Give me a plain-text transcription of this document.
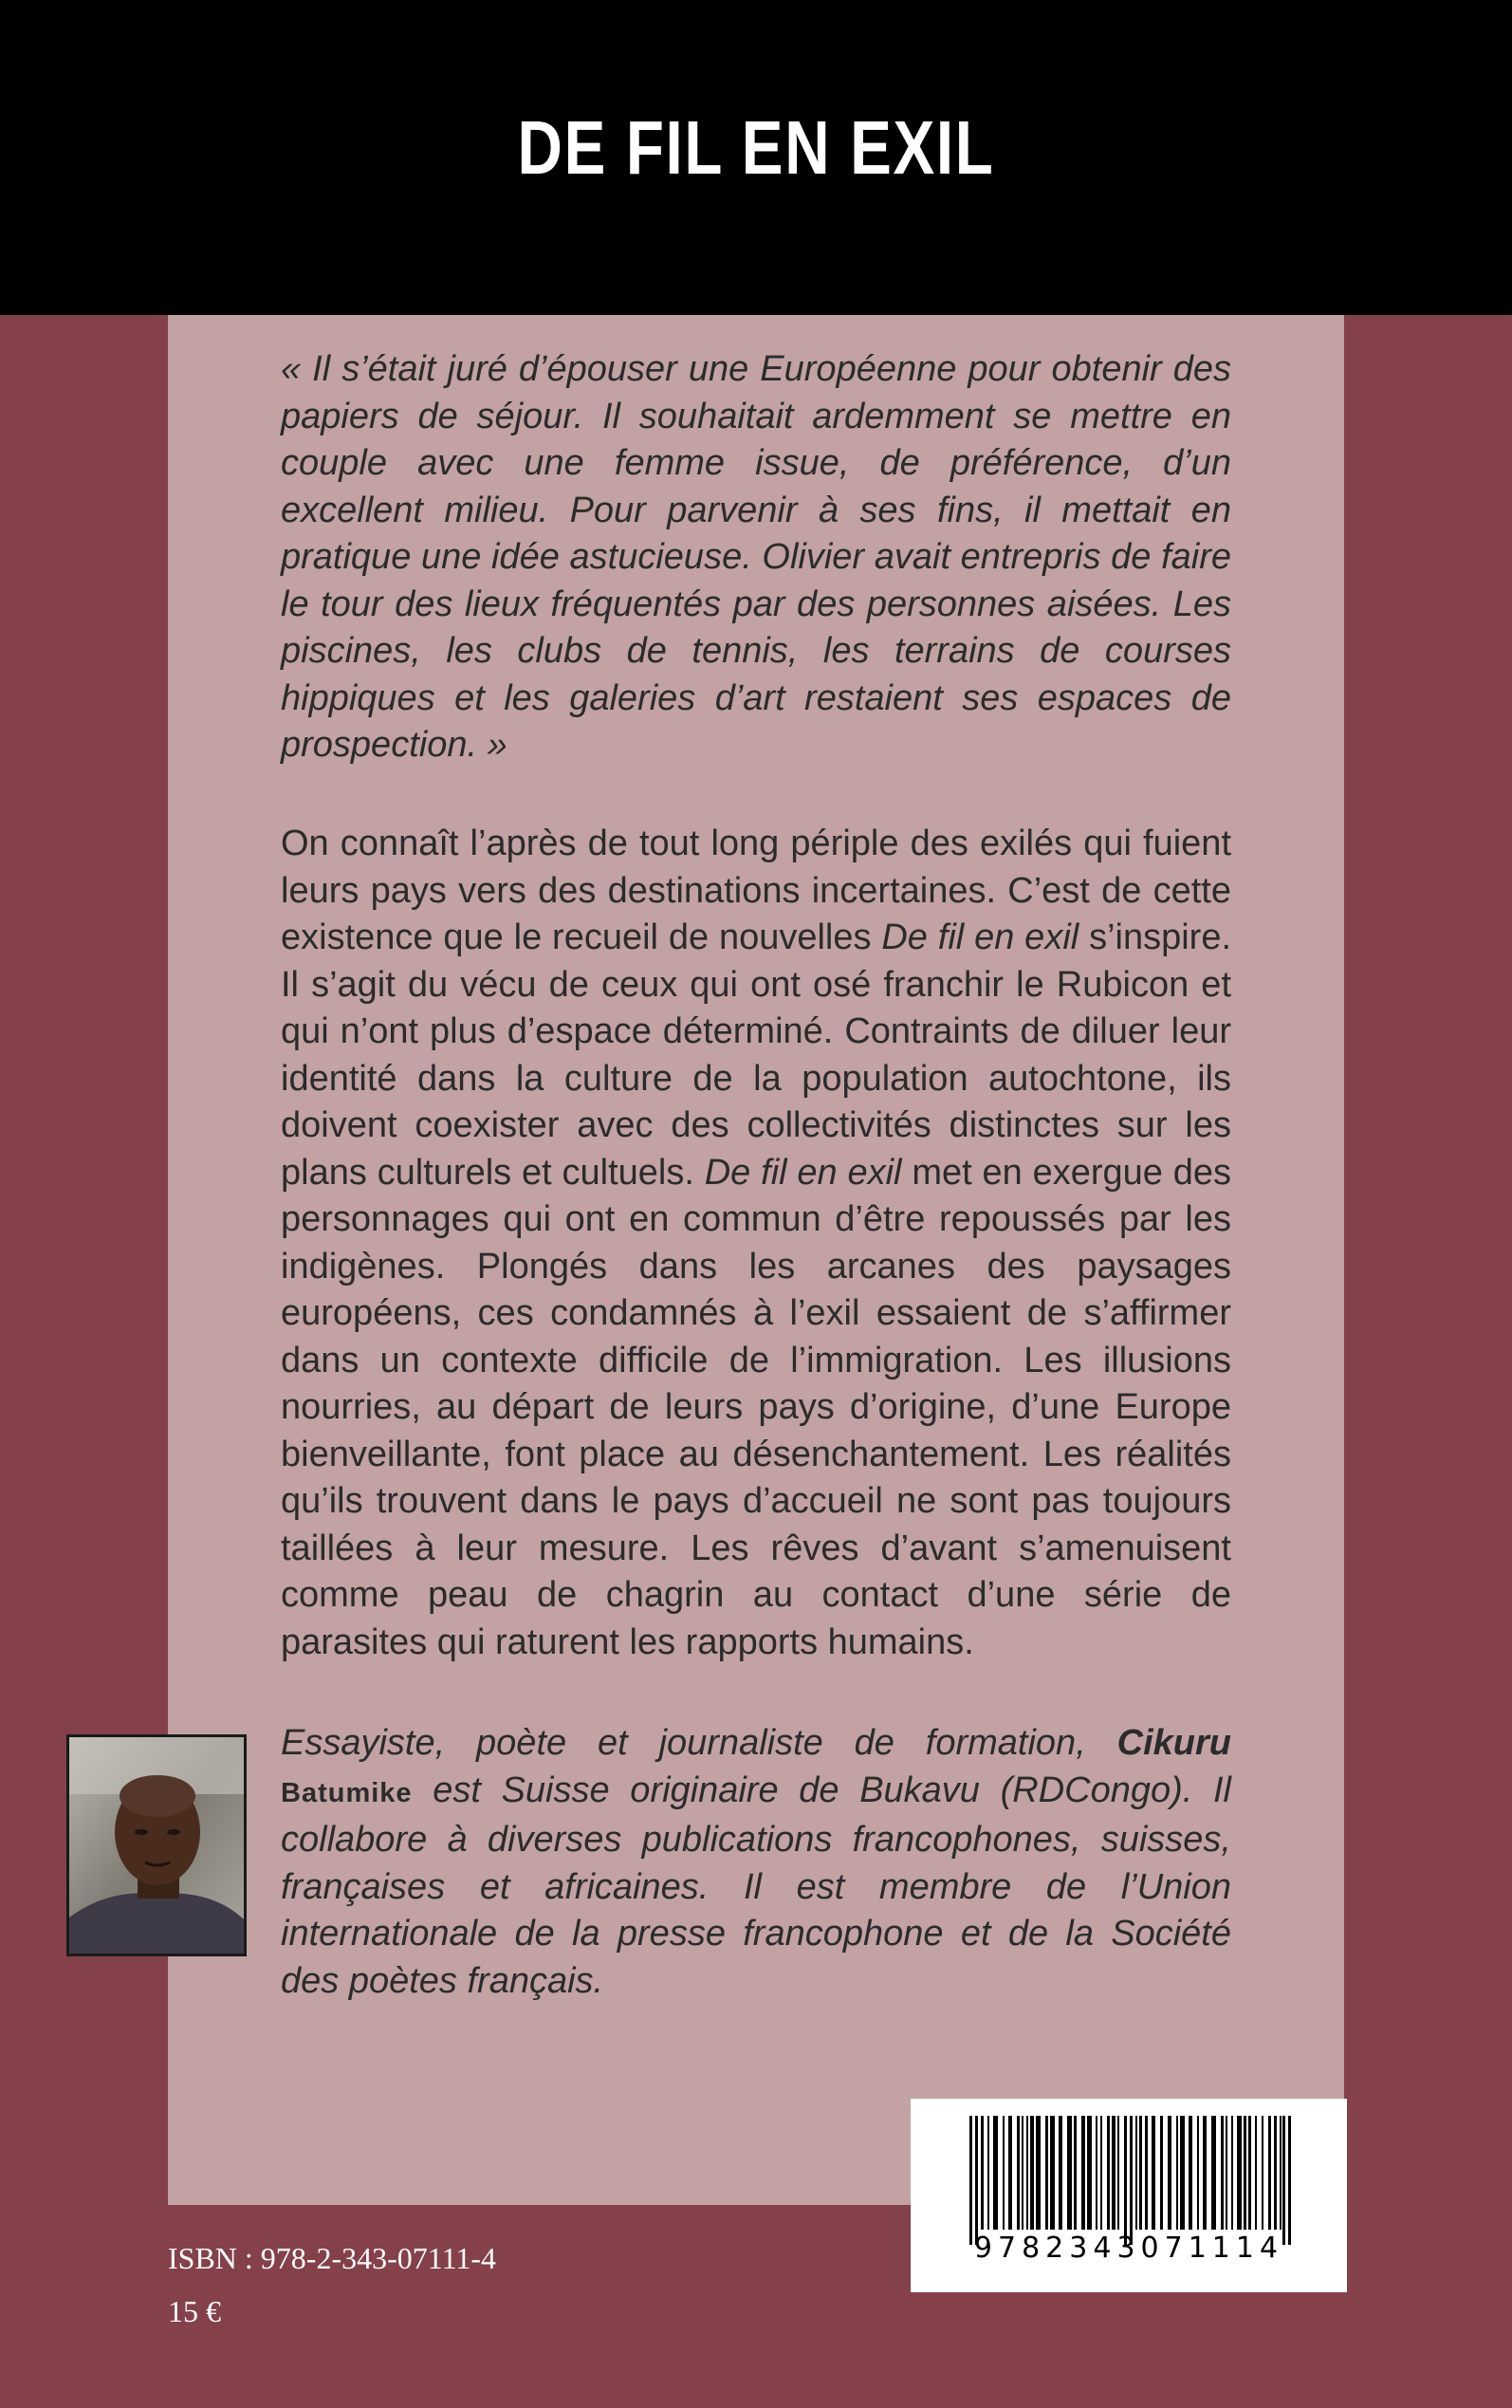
DE FIL EN EXIL

« Il s’était juré d’épouser une Européenne pour obtenir des papiers de séjour. Il souhaitait ardemment se mettre en couple avec une femme issue, de préférence, d’un excellent milieu. Pour parvenir à ses fins, il mettait en pratique une idée astucieuse. Olivier avait entrepris de faire le tour des lieux fréquentés par des personnes aisées. Les piscines, les clubs de tennis, les terrains de courses hippiques et les galeries d’art restaient ses espaces de prospection. »

On connaît l’après de tout long périple des exilés qui fuient leurs pays vers des destinations incertaines. C’est de cette existence que le recueil de nouvelles De fil en exil s’inspire. Il s’agit du vécu de ceux qui ont osé franchir le Rubicon et qui n’ont plus d’espace déterminé. Contraints de diluer leur identité dans la culture de la population autochtone, ils doivent coexister avec des collectivités distinctes sur les plans culturels et cultuels. De fil en exil met en exergue des personnages qui ont en commun d’être repoussés par les indigènes. Plongés dans les arcanes des paysages européens, ces condamnés à l’exil essaient de s’affirmer dans un contexte difficile de l’immigration. Les illusions nourries, au départ de leurs pays d’origine, d’une Europe bienveillante, font place au désenchantement. Les réalités qu’ils trouvent dans le pays d’accueil ne sont pas toujours taillées à leur mesure. Les rêves d’avant s’amenuisent comme peau de chagrin au contact d’une série de parasites qui raturent les rapports humains.

Essayiste, poète et journaliste de formation, Cikuru Batumike est Suisse originaire de Bukavu (RDCongo). Il collabore à diverses publications francophones, suisses, françaises et africaines. Il est membre de l’Union internationale de la presse francophone et de la Société des poètes français.

9782343071114
ISBN : 978-2-343-07111-4
15 €
